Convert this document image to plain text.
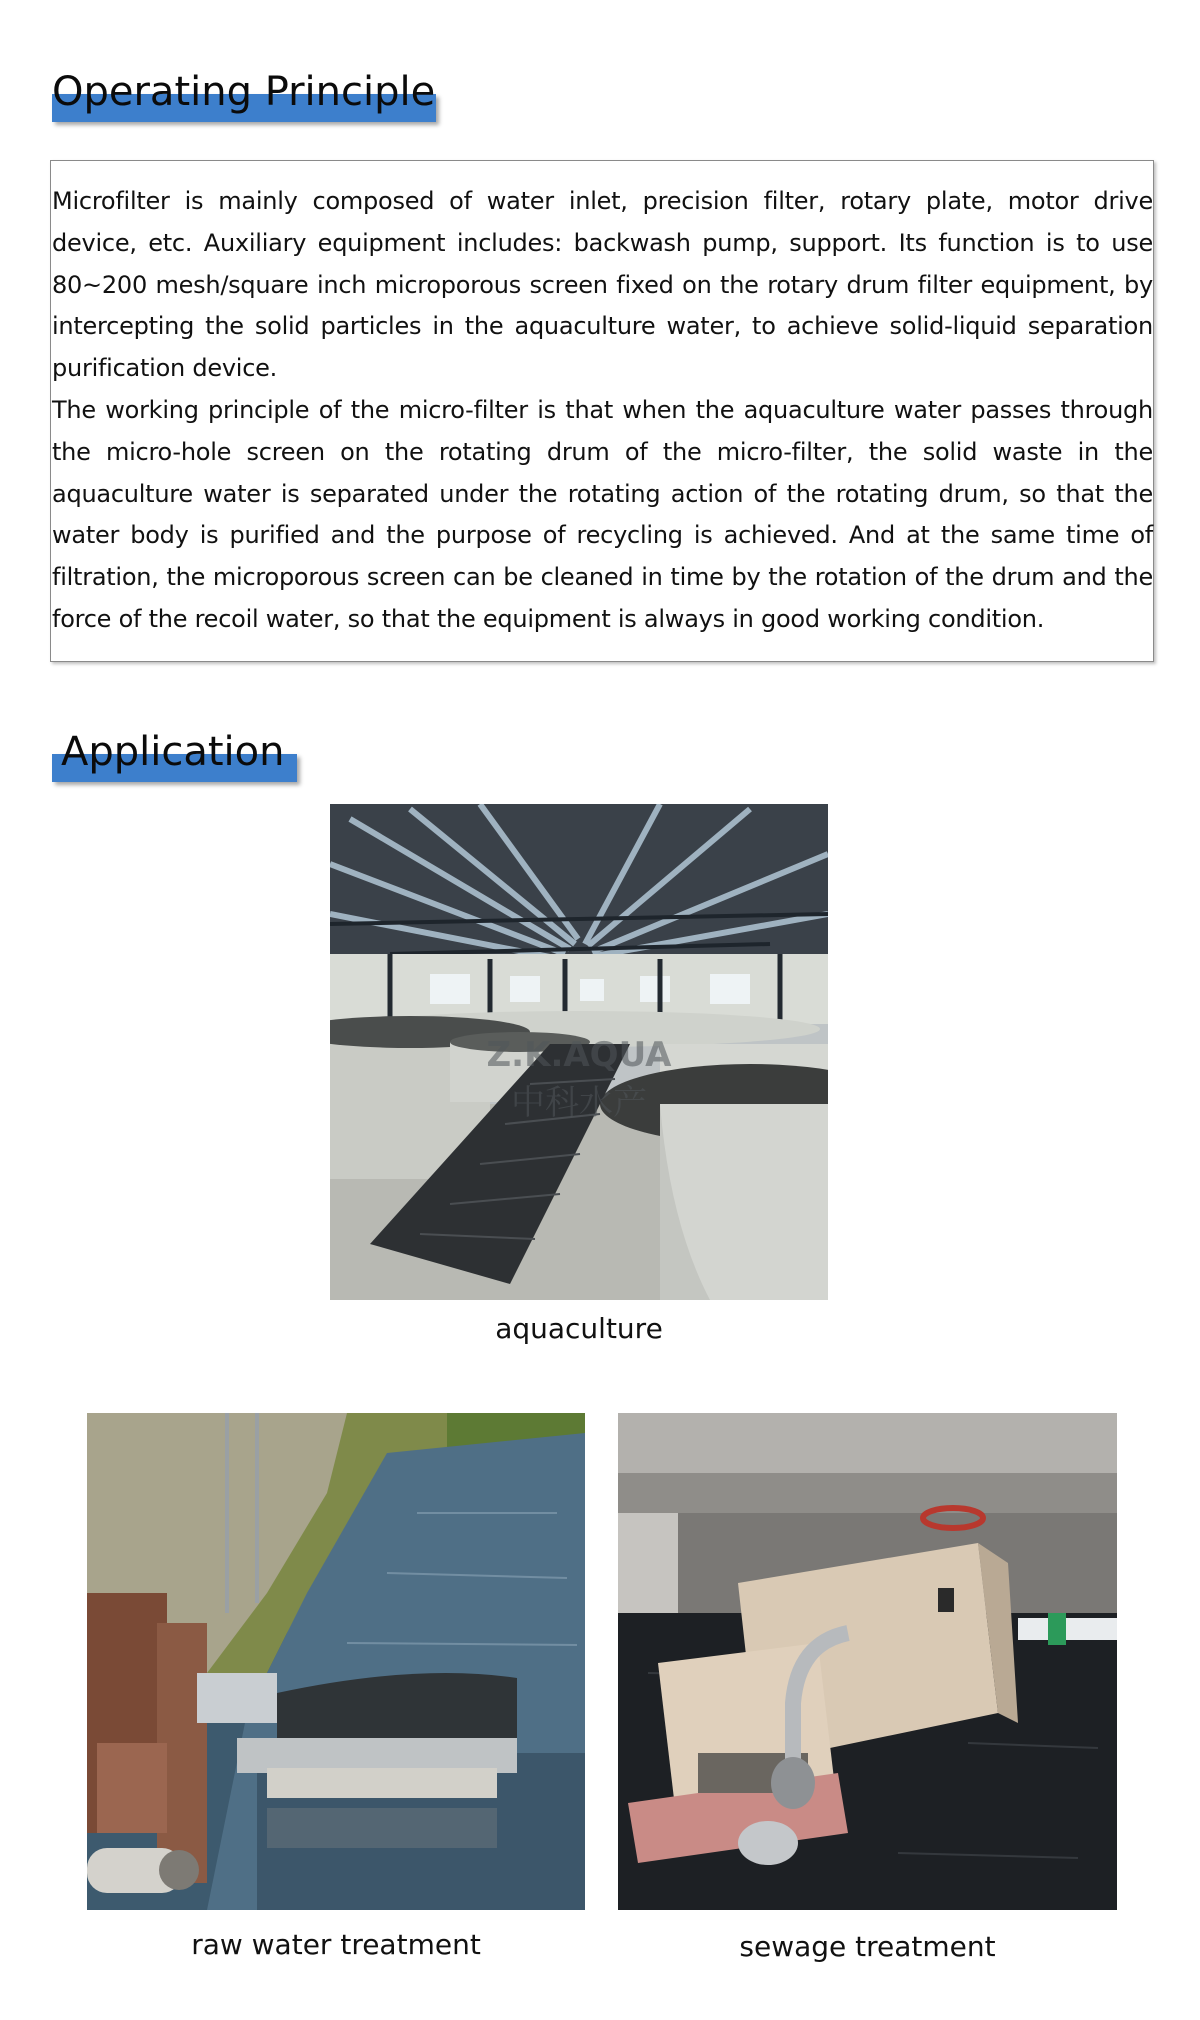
Operating Principle

Microfilter is mainly composed of water inlet, precision filter, rotary plate, motor drive device, etc. Auxiliary equipment includes: backwash pump, support. Its function is to use 80~200 mesh/square inch microporous screen fixed on the rotary drum filter equipment, by intercepting the solid particles in the aquaculture water, to achieve solid-liquid separation purification device.

The working principle of the micro-filter is that when the aquaculture water passes through the micro-hole screen on the rotating drum of the micro-filter, the solid waste in the aquaculture water is separated under the rotating action of the rotating drum, so that the water body is purified and the purpose of recycling is achieved. And at the same time of filtration, the microporous screen can be cleaned in time by the rotation of the drum and the force of the recoil water, so that the equipment is always in good working condition.

Application
Z.K.AQUA
中科水产
aquaculture
raw water treatment	sewage treatment
